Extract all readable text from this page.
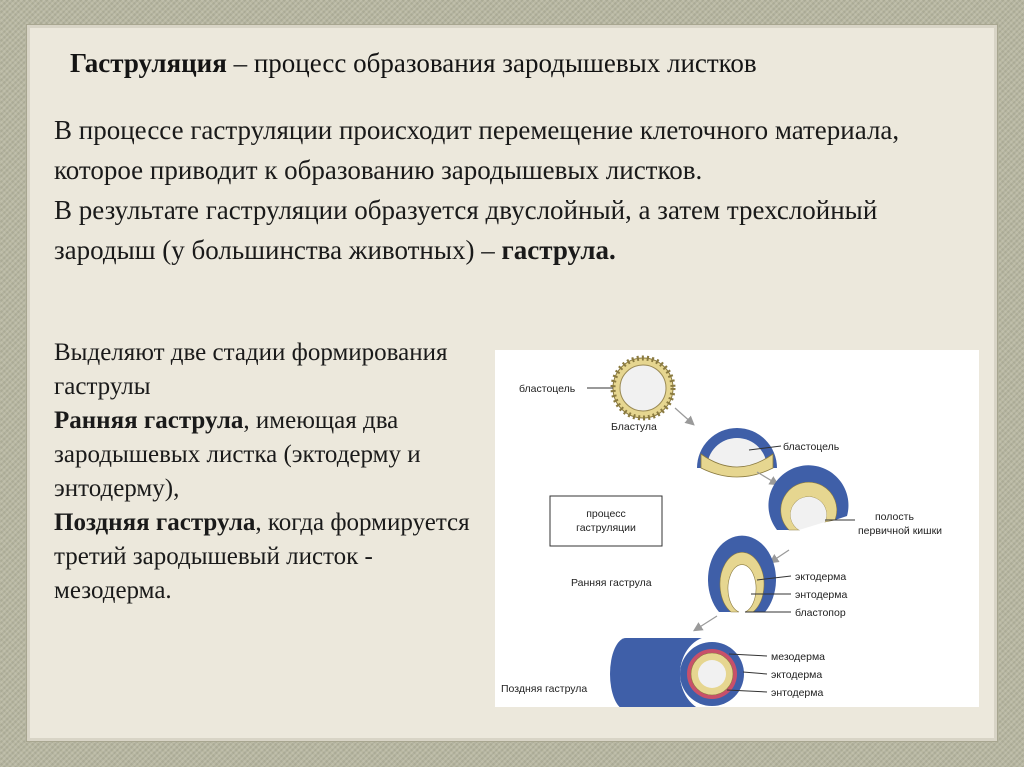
Гаструляция – процесс образования зародышевых листков

В процессе гаструляции происходит перемещение клеточного материала, которое приводит к образованию зародышевых листков.

В результате гаструляции образуется двуслойный, а затем трехслойный зародыш (у большинства животных) – гаструла.

Выделяют две стадии формирования гаструлы

Ранняя гаструла, имеющая два зародышевых листка (эктодерму и энтодерму),

Поздняя гаструла, когда формируется третий зародышевый листок - мезодерма.

бластоцель
Бластула
бластоцель
процесс
гаструляции
полость
первичной кишки
эктодерма
энтодерма
бластопор
Ранняя гаструла
мезодерма
эктодерма
энтодерма
Поздняя гаструла
